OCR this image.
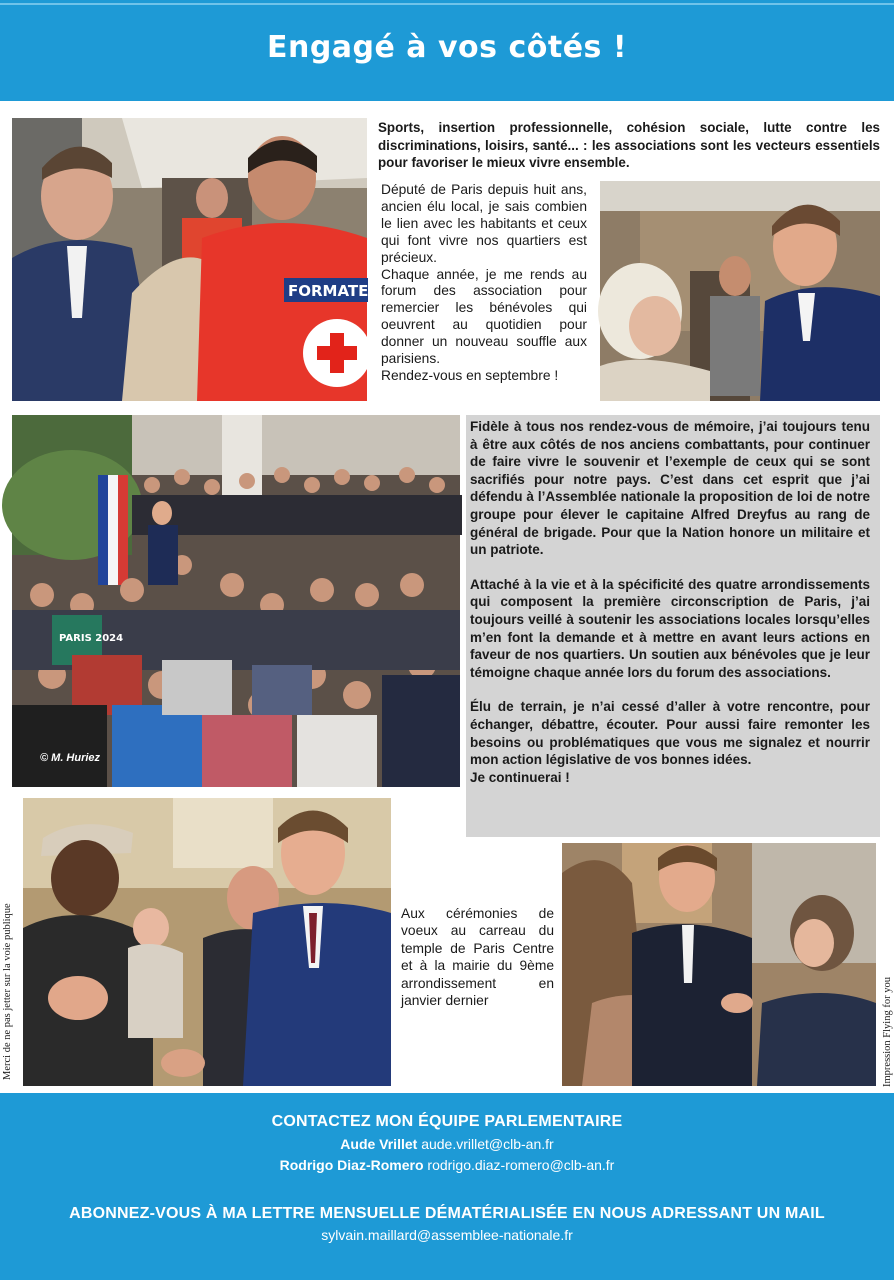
Engagé à vos côtés !
FORMATEUR
Sports, insertion professionnelle, cohésion sociale, lutte contre les discriminations, loisirs, santé... : les associations sont les vecteurs essentiels pour favoriser le mieux vivre ensemble.

Député de Paris depuis huit ans, ancien élu local, je sais combien le lien avec les habitants et ceux qui font vivre nos quartiers est précieux.

Chaque année, je me rends au forum des association pour remercier les bénévoles qui oeuvrent au quotidien pour donner un nouveau souffle aux parisiens.

Rendez-vous en septembre !

PARIS 2024
© M. Huriez

Fidèle à tous nos rendez-vous de mémoire, j’ai toujours tenu à être aux côtés de nos anciens combattants, pour continuer de faire vivre le souvenir et l’exemple de ceux qui se sont sacrifiés pour notre pays. C’est dans cet esprit que j’ai défendu à l’Assemblée nationale la proposition de loi de notre groupe pour élever le capitaine Alfred Dreyfus au rang de général de brigade. Pour que la Nation honore un militaire et un patriote.

Attaché à la vie et à la spécificité des quatre arrondissements qui composent la première circonscription de Paris, j’ai toujours veillé à soutenir les associations locales lorsqu’elles m’en font la demande et à mettre en avant leurs actions en faveur de nos quartiers. Un soutien aux bénévoles que je leur témoigne chaque année lors du forum des associations.

Élu de terrain, je n’ai cessé d’aller à votre rencontre, pour échanger, débattre, écouter. Pour aussi faire remonter les besoins ou problématiques que vous me signalez et nourrir mon action législative de vos bonnes idées.
Je continuerai !

Aux cérémonies de voeux au carreau du temple de Paris Centre et à la mairie du 9ème arrondissement en janvier dernier
Merci de ne pas jetter sur la voie publique	Impression Flying for you
CONTACTEZ MON ÉQUIPE PARLEMENTAIRE
Aude Vrillet aude.vrillet@clb-an.fr
Rodrigo Diaz-Romero rodrigo.diaz-romero@clb-an.fr
ABONNEZ-VOUS À MA LETTRE MENSUELLE DÉMATÉRIALISÉE EN NOUS ADRESSANT UN MAIL
sylvain.maillard@assemblee-nationale.fr
